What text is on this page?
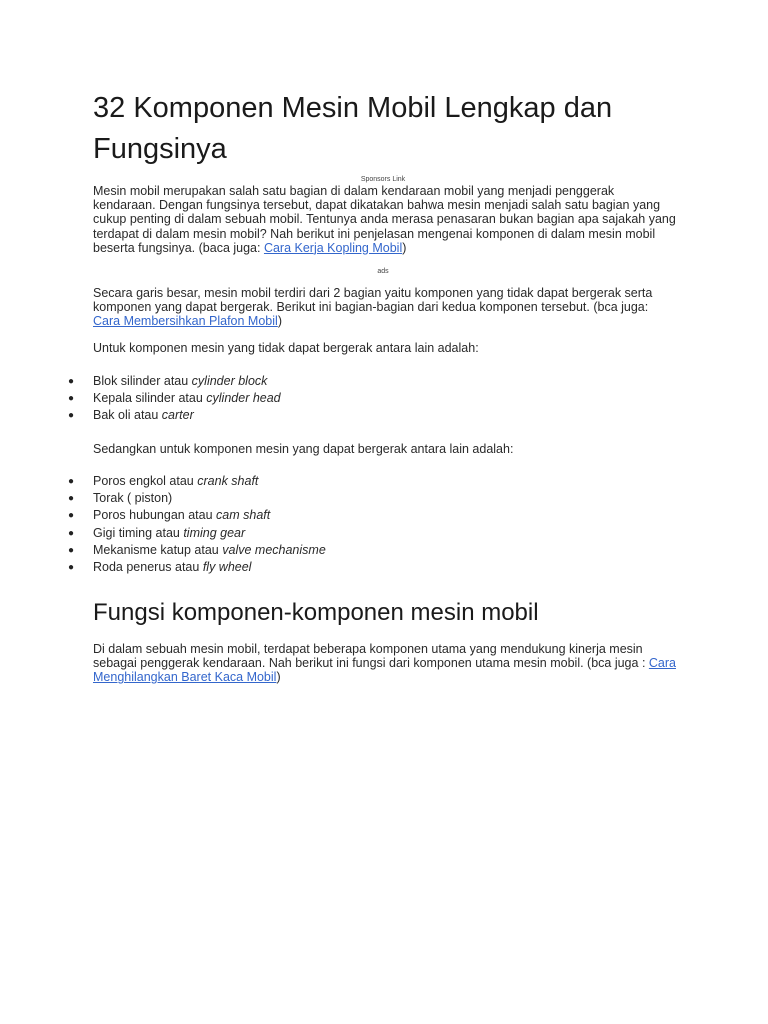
32 Komponen Mesin Mobil Lengkap dan Fungsinya
Sponsors Link

Mesin mobil merupakan salah satu bagian di dalam kendaraan mobil yang menjadi penggerak kendaraan. Dengan fungsinya tersebut, dapat dikatakan bahwa mesin menjadi salah satu bagian yang cukup penting di dalam sebuah mobil. Tentunya anda merasa penasaran bukan bagian apa sajakah yang terdapat di dalam mesin mobil? Nah berikut ini penjelasan mengenai komponen di dalam mesin mobil beserta fungsinya. (baca juga: Cara Kerja Kopling Mobil)

ads

Secara garis besar, mesin mobil terdiri dari 2 bagian yaitu komponen yang tidak dapat bergerak serta komponen yang dapat bergerak. Berikut ini bagian-bagian dari kedua komponen tersebut. (bca juga: Cara Membersihkan Plafon Mobil)

Untuk komponen mesin yang tidak dapat bergerak antara lain adalah:

● Blok silinder atau cylinder block
● Kepala silinder atau cylinder head
● Bak oli atau carter

Sedangkan untuk komponen mesin yang dapat bergerak antara lain adalah:

● Poros engkol atau crank shaft
● Torak ( piston)
● Poros hubungan atau cam shaft
● Gigi timing atau timing gear
● Mekanisme katup atau valve mechanisme
● Roda penerus atau fly wheel
Fungsi komponen-komponen mesin mobil

Di dalam sebuah mesin mobil, terdapat beberapa komponen utama yang mendukung kinerja mesin sebagai penggerak kendaraan. Nah berikut ini fungsi dari komponen utama mesin mobil. (bca juga : Cara Menghilangkan Baret Kaca Mobil)
